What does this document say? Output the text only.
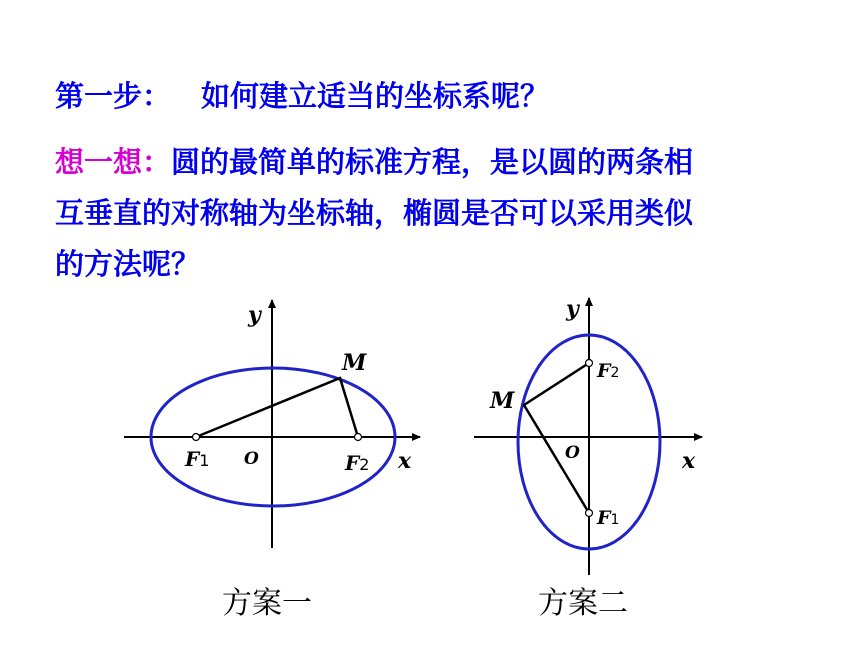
第一步： 如何建立适当的坐标系呢？
想一想：圆的最简单的标准方程，是以圆的两条相
互垂直的对称轴为坐标轴，椭圆是否可以采用类似
的方法呢？
y
x
O
M
F1	F2
y
x
O
M
F2
F1
方案一	方案二
